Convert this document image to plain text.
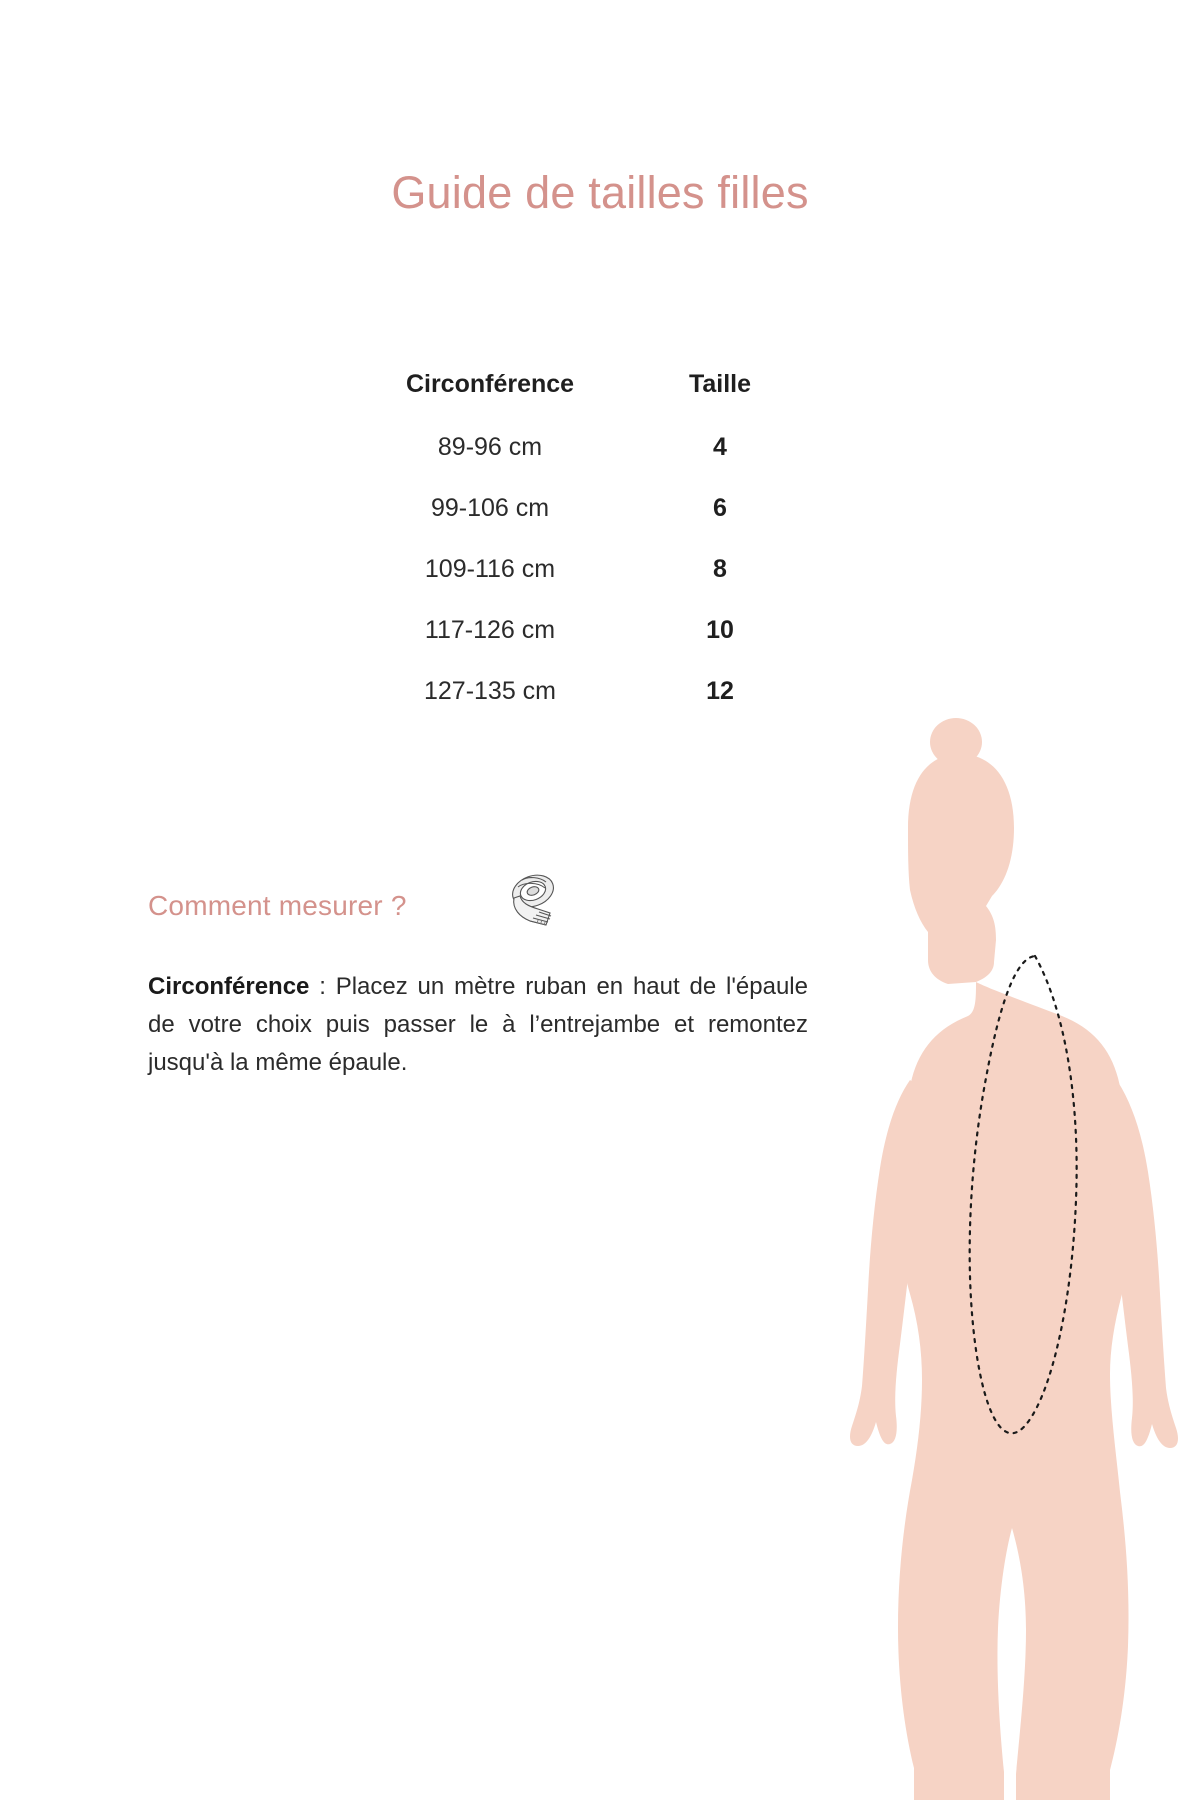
Guide de tailles filles
Circonférence	Taille
89-96 cm	4
99-106 cm	6
109-116 cm	8
117-126 cm	10
127-135 cm	12
Comment mesurer ?
Circonférence : Placez un mètre ruban en haut de l'épaule de votre choix puis passer le à l’entrejambe et remontez jusqu'à la même épaule.
